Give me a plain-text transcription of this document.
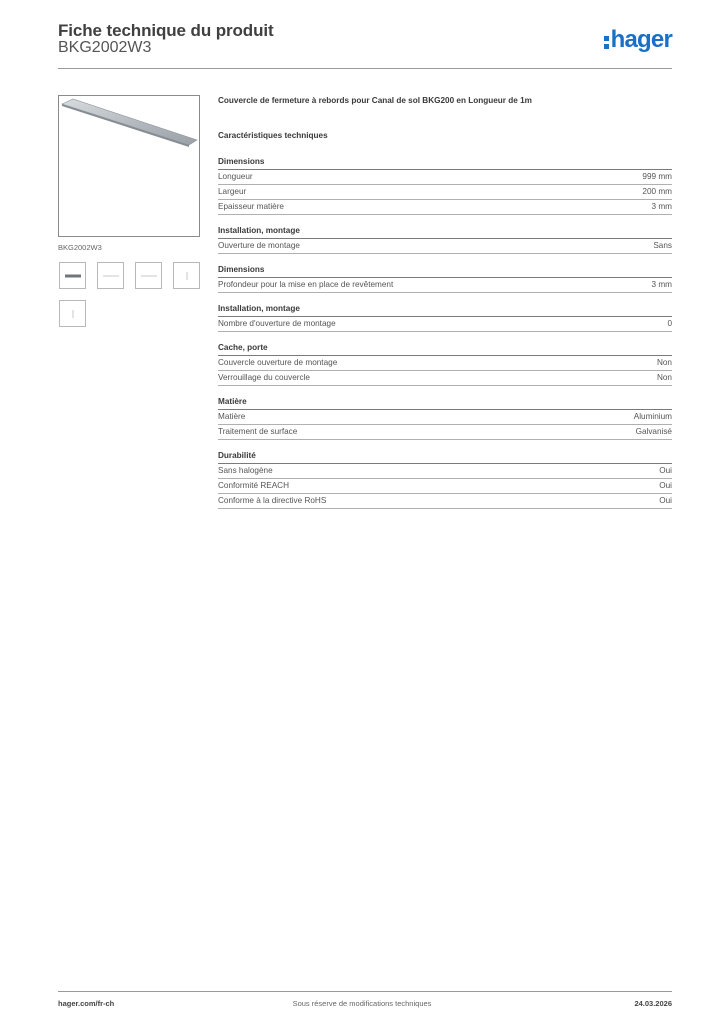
Fiche technique du produit
BKG2002W3	hager
BKG2002W3
Couvercle de fermeture à rebords pour Canal de sol BKG200 en Longueur de 1m
Caractéristiques techniques
Dimensions
Longueur	999 mm
Largeur	200 mm
Epaisseur matière	3 mm
Installation, montage
Ouverture de montage	Sans
Dimensions
Profondeur pour la mise en place de revêtement	3 mm
Installation, montage
Nombre d'ouverture de montage	0
Cache, porte
Couvercle ouverture de montage	Non
Verrouillage du couvercle	Non
Matière
Matière	Aluminium
Traitement de surface	Galvanisé
Durabilité
Sans halogène	Oui
Conformité REACH	Oui
Conforme à la directive RoHS	Oui
hager.com/fr-ch	Sous réserve de modifications techniques	24.03.2026
